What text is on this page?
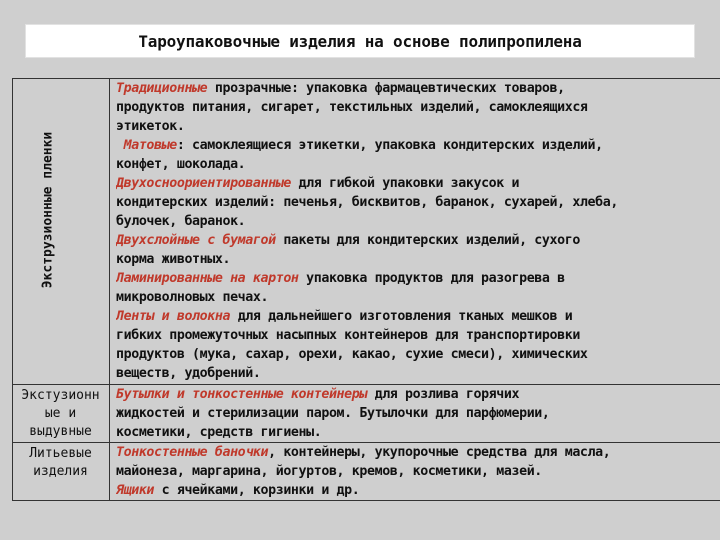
Тароупаковочные изделия на основе полипропилена
Экструзионные пленки
Традиционные прозрачные: упаковка фармацевтических товаров,
продуктов питания, сигарет, текстильных изделий, самоклеящихся
этикеток.
Матовые: самоклеящиеся этикетки, упаковка кондитерских изделий,
конфет, шоколада.
Двухосноориентированные для гибкой упаковки закусок и
кондитерских изделий: печенья, бисквитов, баранок, сухарей, хлеба,
булочек, баранок.
Двухслойные с бумагой пакеты для кондитерских изделий, сухого
корма животных.
Ламинированные на картон упаковка продуктов для разогрева в
микроволновых печах.
Ленты и волокна для дальнейшего изготовления тканых мешков и
гибких промежуточных насыпных контейнеров для транспортировки
продуктов (мука, сахар, орехи, какао, сухие смеси), химических
веществ, удобрений.
Экстузионн
ые и
выдувные
Бутылки и тонкостенные контейнеры для розлива горячих
жидкостей и стерилизации паром. Бутылочки для парфюмерии,
косметики, средств гигиены.
Литьевые
изделия
Тонкостенные баночки, контейнеры, укупорочные средства для масла,
майонеза, маргарина, йогуртов, кремов, косметики, мазей.
Ящики с ячейками, корзинки и др.
